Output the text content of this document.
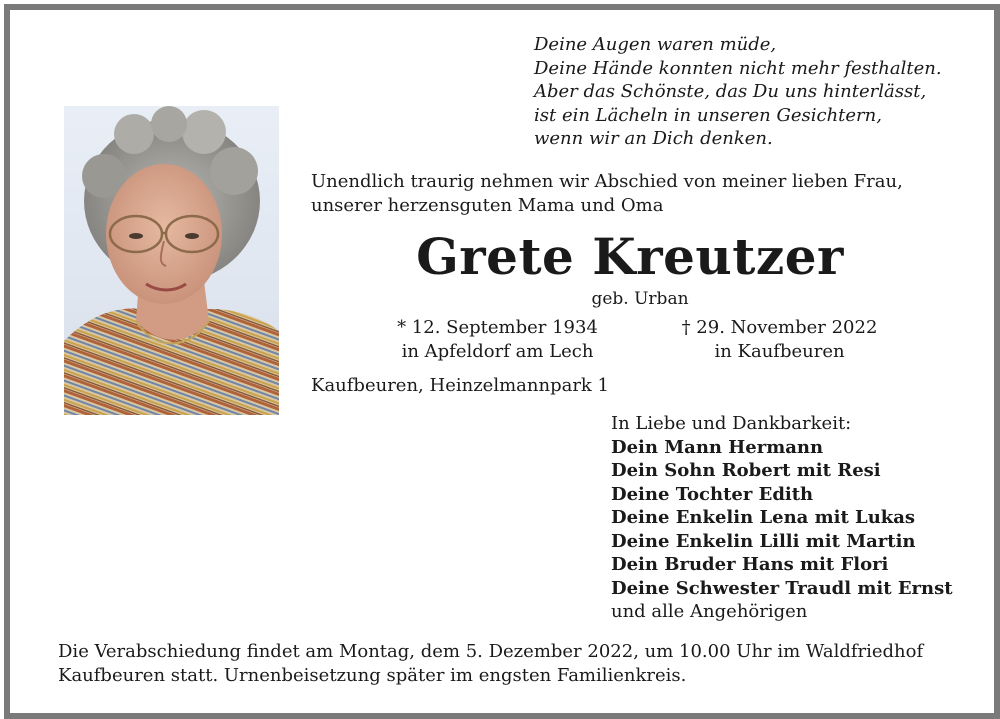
Deine Augen waren müde,
Deine Hände konnten nicht mehr festhalten.
Aber das Schönste, das Du uns hinterlässt,
ist ein Lächeln in unseren Gesichtern,
wenn wir an Dich denken.
Unendlich traurig nehmen wir Abschied von meiner lieben Frau,
unserer herzensguten Mama und Oma
Grete Kreutzer
geb. Urban
* 12. September 1934
in Apfeldorf am Lech
† 29. November 2022
in Kaufbeuren
Kaufbeuren, Heinzelmannpark 1
In Liebe und Dankbarkeit:
Dein Mann Hermann
Dein Sohn Robert mit Resi
Deine Tochter Edith
Deine Enkelin Lena mit Lukas
Deine Enkelin Lilli mit Martin
Dein Bruder Hans mit Flori
Deine Schwester Traudl mit Ernst
und alle Angehörigen
Die Verabschiedung findet am Montag, dem 5. Dezember 2022, um 10.00 Uhr im Waldfriedhof
Kaufbeuren statt. Urnenbeisetzung später im engsten Familienkreis.
